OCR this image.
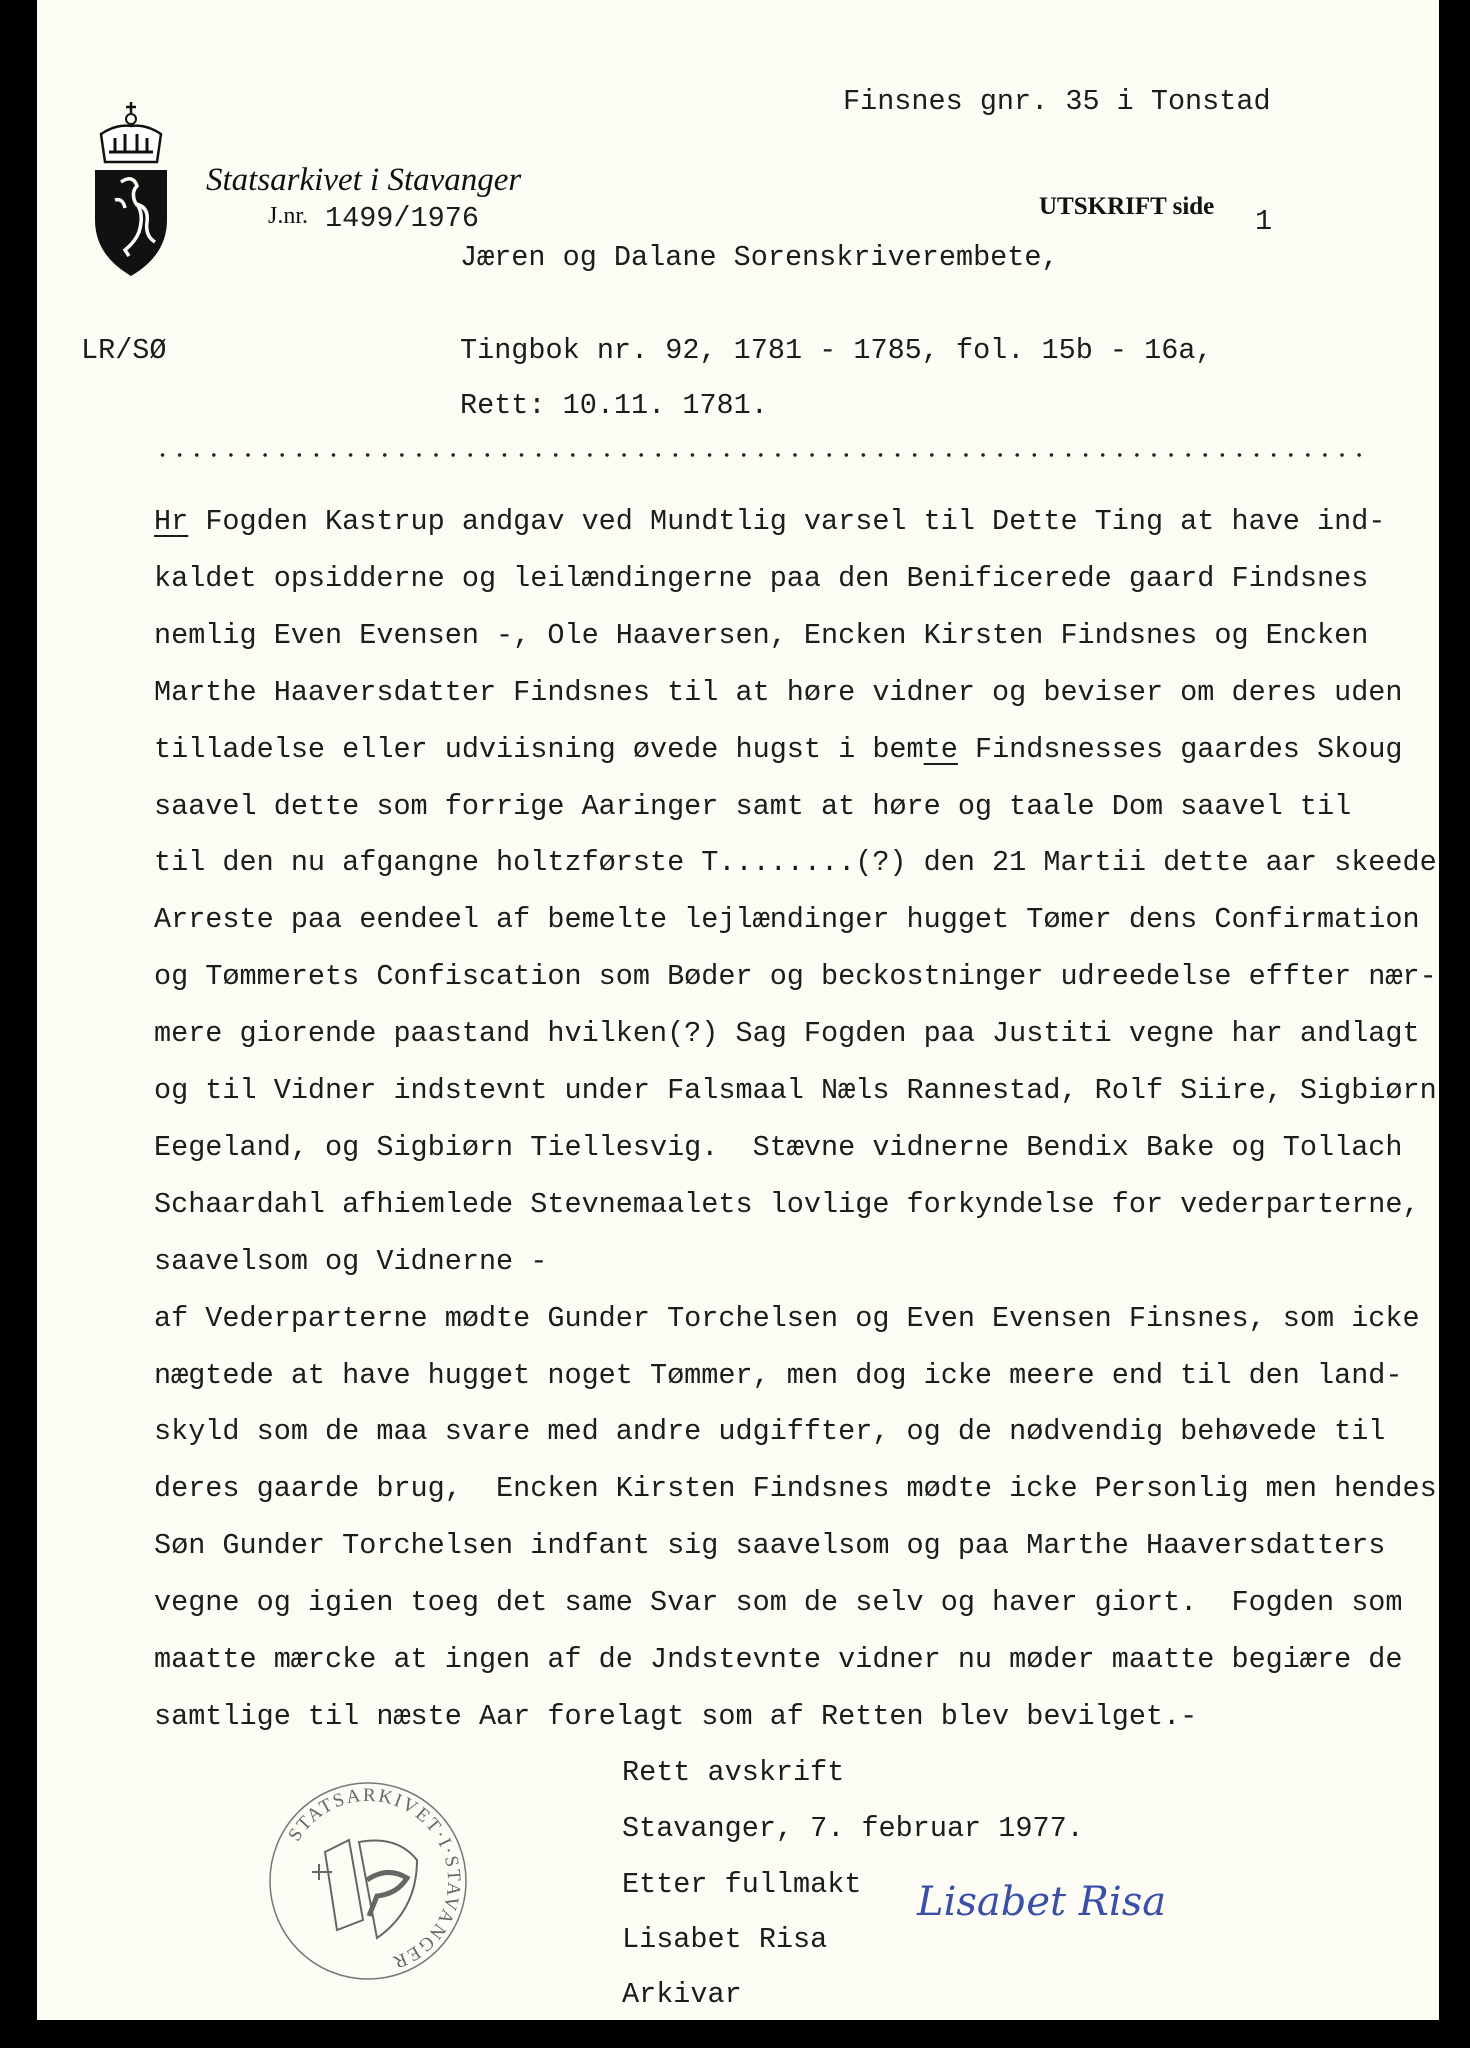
Finsnes gnr. 35 i Tonstad
Statsarkivet i Stavanger
J.nr. 1499/1976	UTSKRIFT side 1
LR/SØ
Jæren og Dalane Sorenskriverembete,
Tingbok nr. 92, 1781 - 1785, fol. 15b - 16a,
Rett: 10.11. 1781.
Hr Fogden Kastrup andgav ved Mundtlig varsel til Dette Ting at have ind-
kaldet opsidderne og leilændingerne paa den Benificerede gaard Findsnes
nemlig Even Evensen -, Ole Haaversen, Encken Kirsten Findsnes og Encken
Marthe Haaversdatter Findsnes til at høre vidner og beviser om deres uden
tilladelse eller udviisning øvede hugst i bemte Findsnesses gaardes Skoug
saavel dette som forrige Aaringer samt at høre og taale Dom saavel til
til den nu afgangne holtzførste T........(?) den 21 Martii dette aar skeede
Arreste paa eendeel af bemelte lejlændinger hugget Tømer dens Confirmation
og Tømmerets Confiscation som Bøder og beckostninger udreedelse effter nær-
mere giorende paastand hvilken(?) Sag Fogden paa Justiti vegne har andlagt
og til Vidner indstevnt under Falsmaal Næls Rannestad, Rolf Siire, Sigbiørn
Eegeland, og Sigbiørn Tiellesvig.  Stævne vidnerne Bendix Bake og Tollach
Schaardahl afhiemlede Stevnemaalets lovlige forkyndelse for vederparterne,
saavelsom og Vidnerne -
af Vederparterne mødte Gunder Torchelsen og Even Evensen Finsnes, som icke
nægtede at have hugget noget Tømmer, men dog icke meere end til den land-
skyld som de maa svare med andre udgiffter, og de nødvendig behøvede til
deres gaarde brug,  Encken Kirsten Findsnes mødte icke Personlig men hendes
Søn Gunder Torchelsen indfant sig saavelsom og paa Marthe Haaversdatters
vegne og igien toeg det same Svar som de selv og haver giort.  Fogden som
maatte mærcke at ingen af de Jndstevnte vidner nu møder maatte begiære de
samtlige til næste Aar forelagt som af Retten blev bevilget.-
Rett avskrift
Stavanger, 7. februar 1977.
Etter fullmakt Lisabet Risa
Lisabet Risa
Arkivar
STATSARKIVET·I·STAVANGER
